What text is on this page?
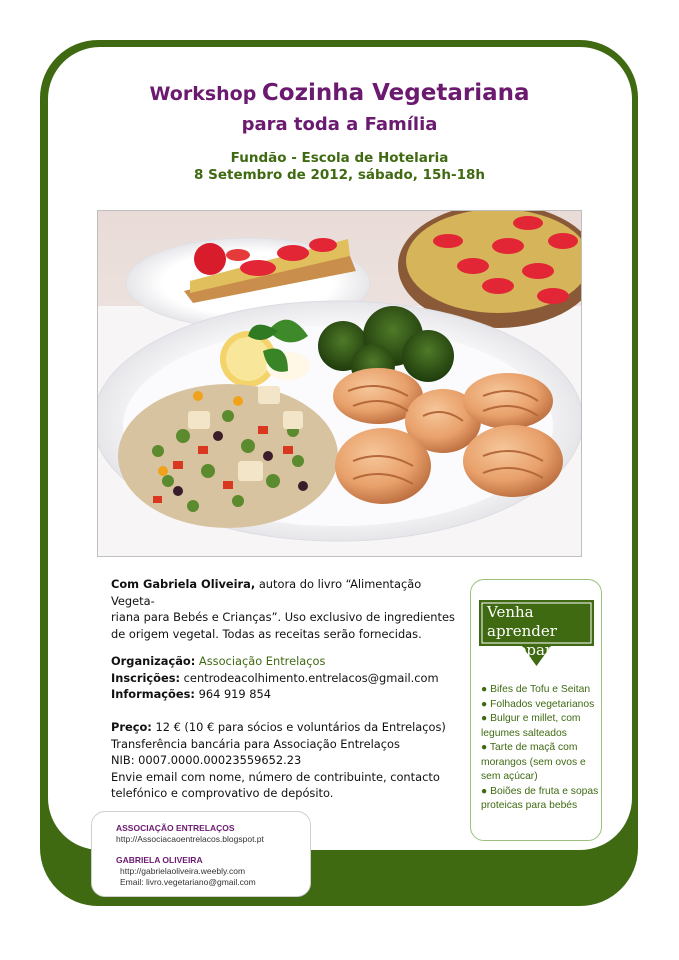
Workshop Cozinha Vegetariana
para toda a Família
Fundão - Escola de Hotelaria
8 Setembro de 2012, sábado, 15h-18h
Com Gabriela Oliveira, autora do livro “Alimentação Vegeta-
riana para Bebés e Crianças”. Uso exclusivo de ingredientes
de origem vegetal. Todas as receitas serão fornecidas.
Organização: Associação Entrelaços
Inscrições: centrodeacolhimento.entrelacos@gmail.com
Informações: 964 919 854
Preço: 12 € (10 € para sócios e voluntários da Entrelaços)
Transferência bancária para Associação Entrelaços
NIB: 0007.0000.00023559652.23
Envie email com nome, número de contribuinte, contacto
telefónico e comprovativo de depósito.
Venha aprender
a preparar:
● Bifes de Tofu e Seitan
● Folhados vegetarianos
● Bulgur e millet, com legumes salteados
● Tarte de maçã com morangos (sem ovos e sem açúcar)
● Boiões de fruta e sopas proteicas para bebés
ASSOCIAÇÃO ENTRELAÇOS
http://Associacaoentrelacos.blogspot.pt
GABRIELA OLIVEIRA
http://gabrielaoliveira.weebly.com
Email: livro.vegetariano@gmail.com
